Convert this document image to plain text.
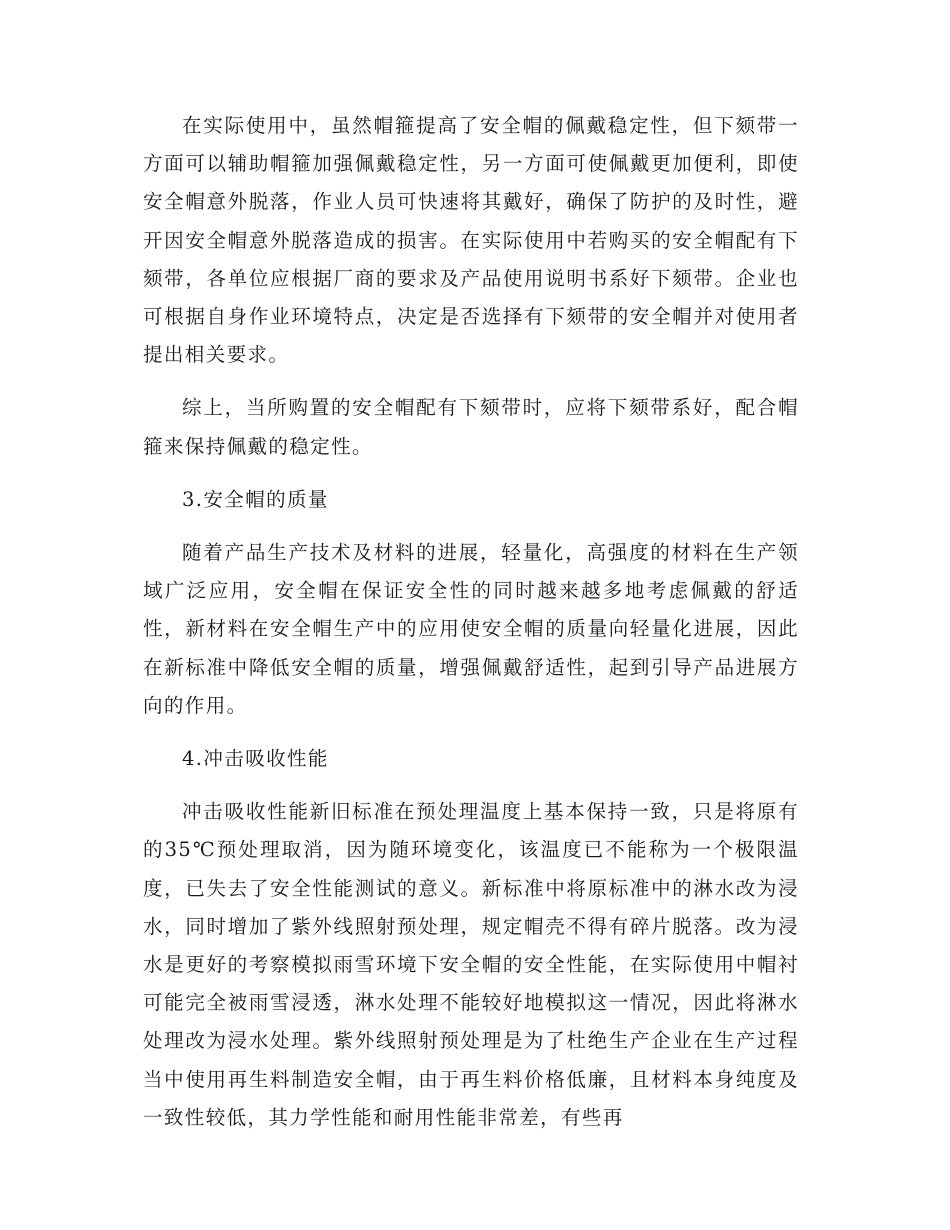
在实际使用中，虽然帽箍提高了安全帽的佩戴稳定性，但下颏带一方面可以辅助帽箍加强佩戴稳定性，另一方面可使佩戴更加便利，即使安全帽意外脱落，作业人员可快速将其戴好，确保了防护的及时性，避开因安全帽意外脱落造成的损害。在实际使用中若购买的安全帽配有下颏带，各单位应根据厂商的要求及产品使用说明书系好下颏带。企业也可根据自身作业环境特点，决定是否选择有下颏带的安全帽并对使用者提出相关要求。

综上，当所购置的安全帽配有下颏带时，应将下颏带系好，配合帽箍来保持佩戴的稳定性。

3.安全帽的质量

随着产品生产技术及材料的进展，轻量化，高强度的材料在生产领域广泛应用，安全帽在保证安全性的同时越来越多地考虑佩戴的舒适性，新材料在安全帽生产中的应用使安全帽的质量向轻量化进展，因此在新标准中降低安全帽的质量，增强佩戴舒适性，起到引导产品进展方向的作用。

4.冲击吸收性能

冲击吸收性能新旧标准在预处理温度上基本保持一致，只是将原有的35℃预处理取消，因为随环境变化，该温度已不能称为一个极限温度，已失去了安全性能测试的意义。新标准中将原标准中的淋水改为浸水，同时增加了紫外线照射预处理，规定帽壳不得有碎片脱落。改为浸水是更好的考察模拟雨雪环境下安全帽的安全性能，在实际使用中帽衬可能完全被雨雪浸透，淋水处理不能较好地模拟这一情况，因此将淋水处理改为浸水处理。紫外线照射预处理是为了杜绝生产企业在生产过程当中使用再生料制造安全帽，由于再生料价格低廉，且材料本身纯度及一致性较低，其力学性能和耐用性能非常差，有些再
